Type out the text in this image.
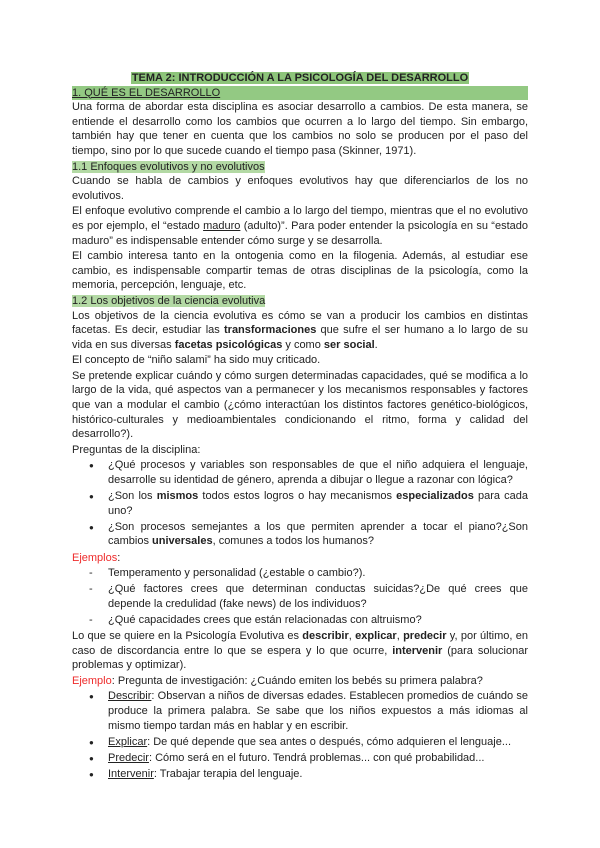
TEMA 2: INTRODUCCIÓN A LA PSICOLOGÍA DEL DESARROLLO
1. QUÉ ES EL DESARROLLO
Una forma de abordar esta disciplina es asociar desarrollo a cambios. De esta manera, se entiende el desarrollo como los cambios que ocurren a lo largo del tiempo. Sin embargo, también hay que tener en cuenta que los cambios no solo se producen por el paso del tiempo, sino por lo que sucede cuando el tiempo pasa (Skinner, 1971).
1.1 Enfoques evolutivos y no evolutivos
Cuando se habla de cambios y enfoques evolutivos hay que diferenciarlos de los no evolutivos.
El enfoque evolutivo comprende el cambio a lo largo del tiempo, mientras que el no evolutivo es por ejemplo, el “estado maduro (adulto)”. Para poder entender la psicología en su “estado maduro” es indispensable entender cómo surge y se desarrolla.
El cambio interesa tanto en la ontogenia como en la filogenia. Además, al estudiar ese cambio, es indispensable compartir temas de otras disciplinas de la psicología, como la memoria, percepción, lenguaje, etc.
1.2 Los objetivos de la ciencia evolutiva
Los objetivos de la ciencia evolutiva es cómo se van a producir los cambios en distintas facetas. Es decir, estudiar las transformaciones que sufre el ser humano a lo largo de su vida en sus diversas facetas psicológicas y como ser social.
El concepto de “niño salami” ha sido muy criticado.
Se pretende explicar cuándo y cómo surgen determinadas capacidades, qué se modifica a lo largo de la vida, qué aspectos van a permanecer y los mecanismos responsables y factores que van a modular el cambio (¿cómo interactúan los distintos factores genético-biológicos, histórico-culturales y medioambientales condicionando el ritmo, forma y calidad del desarrollo?).
Preguntas de la disciplina:
● ¿Qué procesos y variables son responsables de que el niño adquiera el lenguaje, desarrolle su identidad de género, aprenda a dibujar o llegue a razonar con lógica?
● ¿Son los mismos todos estos logros o hay mecanismos especializados para cada uno?
● ¿Son procesos semejantes a los que permiten aprender a tocar el piano?¿Son cambios universales, comunes a todos los humanos?
Ejemplos:
- Temperamento y personalidad (¿estable o cambio?).
- ¿Qué factores crees que determinan conductas suicidas?¿De qué crees que depende la credulidad (fake news) de los individuos?
- ¿Qué capacidades crees que están relacionadas con altruismo?
Lo que se quiere en la Psicología Evolutiva es describir, explicar, predecir y, por último, en caso de discordancia entre lo que se espera y lo que ocurre, intervenir (para solucionar problemas y optimizar).
Ejemplo: Pregunta de investigación: ¿Cuándo emiten los bebés su primera palabra?
● Describir: Observan a niños de diversas edades. Establecen promedios de cuándo se produce la primera palabra. Se sabe que los niños expuestos a más idiomas al mismo tiempo tardan más en hablar y en escribir.
● Explicar: De qué depende que sea antes o después, cómo adquieren el lenguaje...
● Predecir: Cómo será en el futuro. Tendrá problemas... con qué probabilidad...
● Intervenir: Trabajar terapia del lenguaje.
